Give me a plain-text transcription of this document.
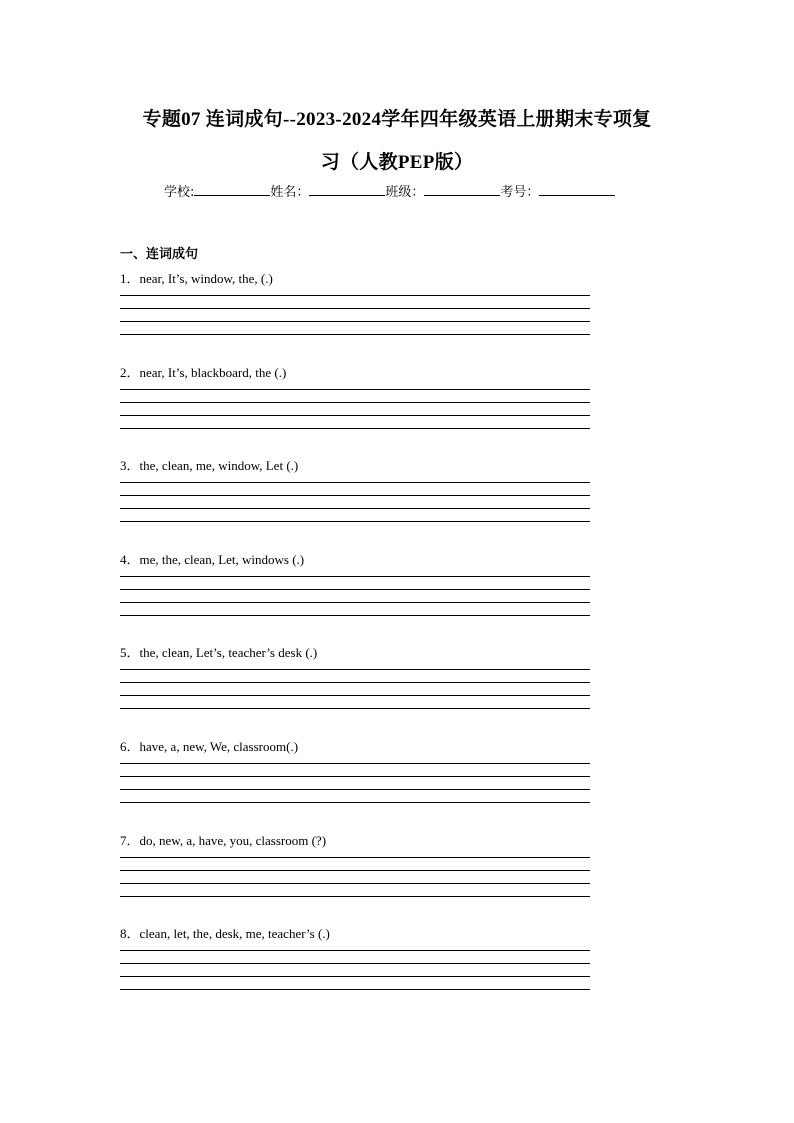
专题07 连词成句--2023-2024学年四年级英语上册期末专项复
习（人教PEP版）
学校:	姓名：	班级：	考号：
一、连词成句
1．near, It’s, window, the, (.)
2．near, It’s, blackboard, the (.)
3．the, clean, me, window, Let (.)
4．me, the, clean, Let, windows (.)
5．the, clean, Let’s, teacher’s desk (.)
6．have, a, new, We, classroom(.)
7．do, new, a, have, you, classroom (?)
8．clean, let, the, desk, me, teacher’s (.)
